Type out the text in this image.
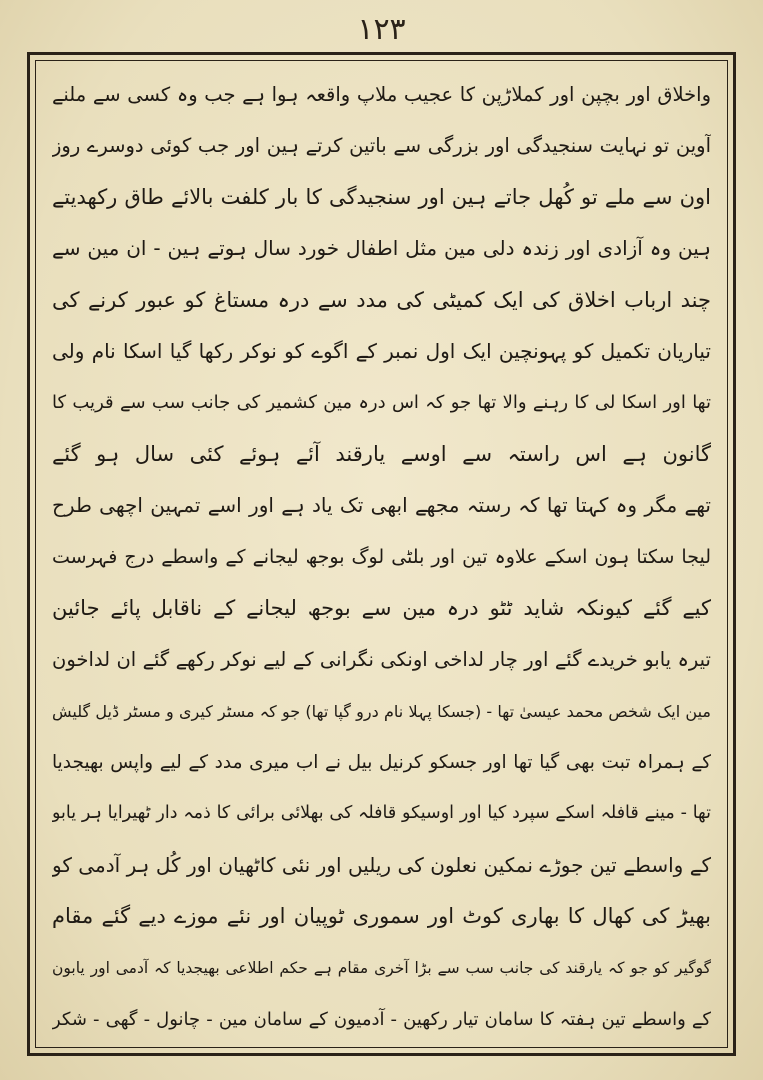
۱۲۳
واخلاق اور بچپن اور کملاڑپن کا عجیب ملاپ واقعہ ہوا ہے جب وہ کسی سے ملنے
آوین تو نہایت سنجیدگی اور بزرگی سے باتین کرتے ہین اور جب کوئی دوسرے روز
اون سے ملے تو کُھل جاتے ہین اور سنجیدگی کا بار کلفت بالائے طاق رکھدیتے
ہین وہ آزادی اور زندہ دلی مین مثل اطفال خورد سال ہوتے ہین - ان مین سے
چند ارباب اخلاق کی ایک کمیٹی کی مدد سے درہ مستاغ کو عبور کرنے کی
تیاریان تکمیل کو پہونچین ایک اول نمبر کے اگوے کو نوکر رکھا گیا اسکا نام ولی
تھا اور اسکا لی کا رہنے والا تھا جو کہ اس درہ مین کشمیر کی جانب سب سے قریب کا
گانون ہے اس راستہ سے اوسے یارقند آئے ہوئے کئی سال ہو گئے
تھے مگر وہ کہتا تھا کہ رستہ مجھے ابھی تک یاد ہے اور اسے تمہین اچھی طرح
لیجا سکتا ہون اسکے علاوہ تین اور بلٹی لوگ بوجھ لیجانے کے واسطے درج فہرست
کیے گئے کیونکہ شاید ٹٹو درہ مین سے بوجھ لیجانے کے ناقابل پائے جائین
تیرہ یابو خریدے گئے اور چار لداخی اونکی نگرانی کے لیے نوکر رکھے گئے ان لداخون
مین ایک شخص محمد عیسیٰ تھا - (جسکا پہلا نام درو گپا تھا) جو کہ مسٹر کیری و مسٹر ڈیل گلیش
کے ہمراہ تبت بھی گیا تھا اور جسکو کرنیل بیل نے اب میری مدد کے لیے واپس بھیجدیا
تھا - مینے قافلہ اسکے سپرد کیا اور اوسیکو قافلہ کی بھلائی برائی کا ذمہ دار ٹھیرایا ہر یابو
کے واسطے تین جوڑے نمکین نعلون کی ریلیں اور نئی کاٹھیان اور کُل ہر آدمی کو
بھیڑ کی کھال کا بھاری کوٹ اور سموری ٹوپیان اور نئے موزے دیے گئے مقام
گوگیر کو جو کہ یارقند کی جانب سب سے بڑا آخری مقام ہے حکم اطلاعی بھیجدیا کہ آدمی اور یابون
کے واسطے تین ہفتہ کا سامان تیار رکھین - آدمیون کے سامان مین - چانول - گھی - شکر
